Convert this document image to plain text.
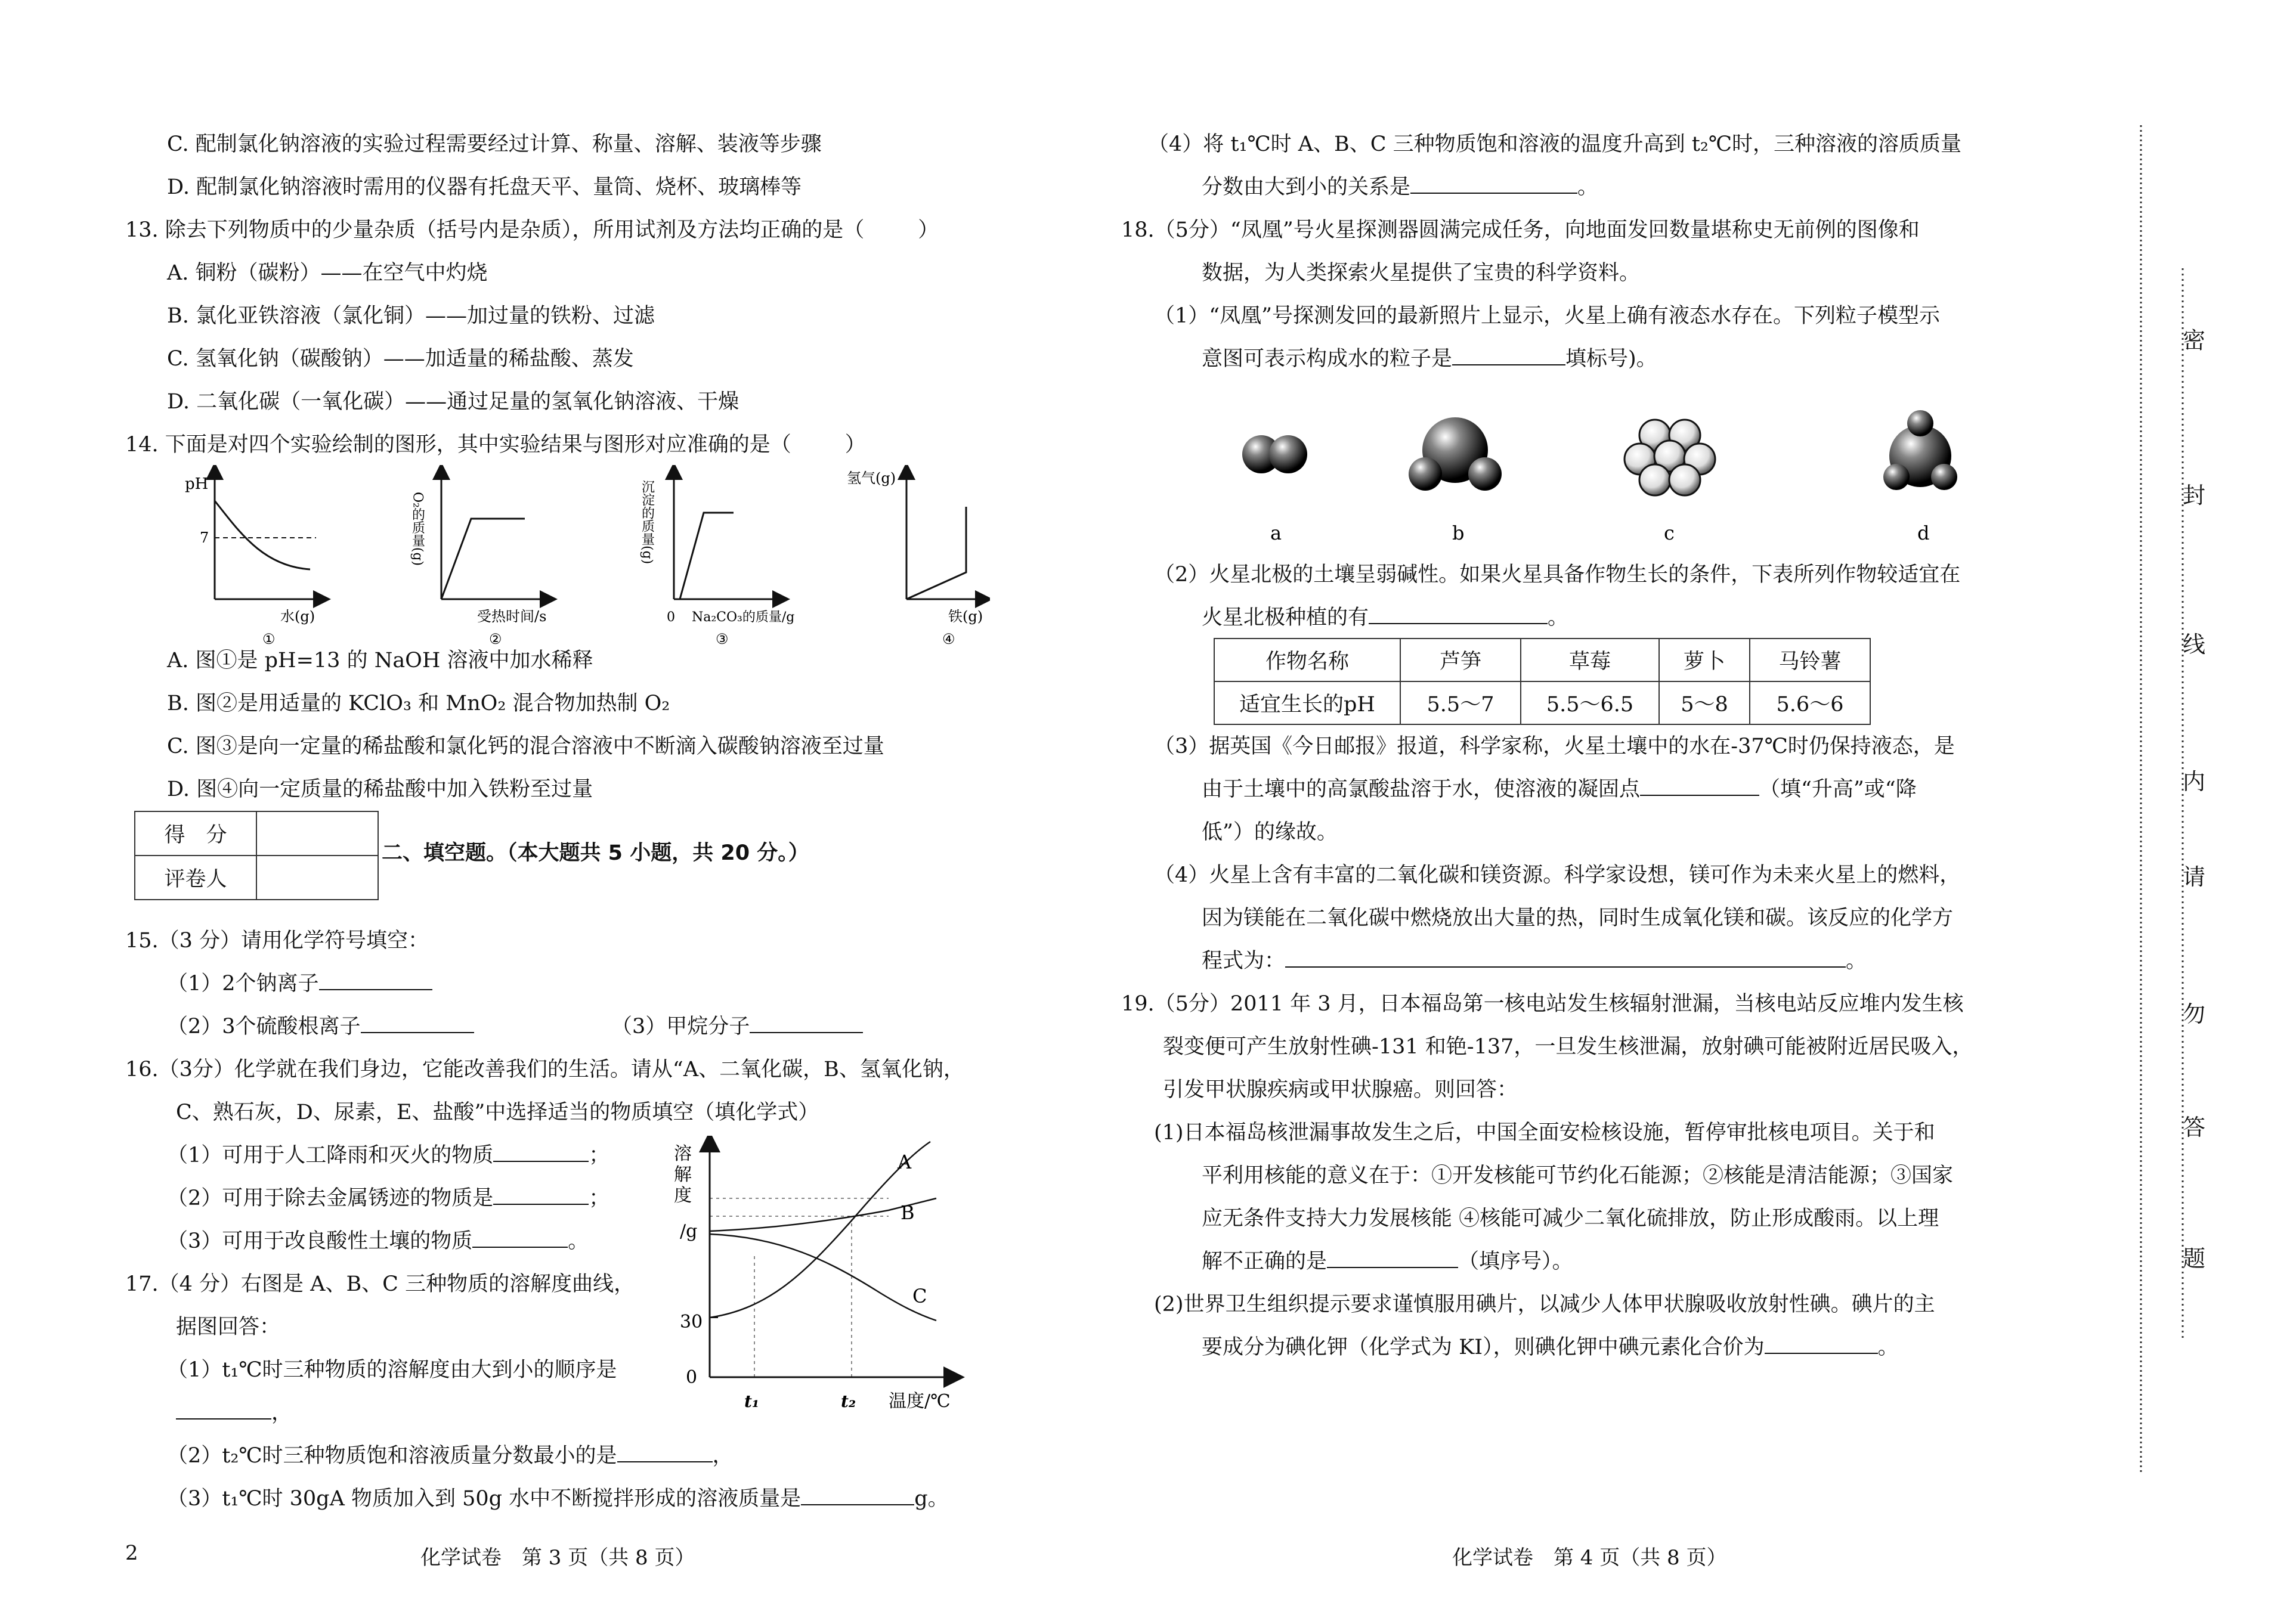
C. 配制氯化钠溶液的实验过程需要经过计算、称量、溶解、装液等步骤
D. 配制氯化钠溶液时需用的仪器有托盘天平、量筒、烧杯、玻璃棒等
13. 除去下列物质中的少量杂质（括号内是杂质），所用试剂及方法均正确的是（	）
A. 铜粉（碳粉）——在空气中灼烧
B. 氯化亚铁溶液（氯化铜）——加过量的铁粉、过滤
C. 氢氧化钠（碳酸钠）——加适量的稀盐酸、蒸发
D. 二氧化碳（一氧化碳）——通过足量的氢氧化钠溶液、干燥
14. 下面是对四个实验绘制的图形，其中实验结果与图形对应准确的是（	）
pH
7
水(g)
①
O₂的质量(g)
受热时间/s
②
沉淀的质量(g)
0 Na₂CO₃的质量/g
③
氢气(g)
铁(g)
④
A. 图①是 pH=13 的 NaOH 溶液中加水稀释
B. 图②是用适量的 KClO₃ 和 MnO₂ 混合物加热制 O₂
C. 图③是向一定量的稀盐酸和氯化钙的混合溶液中不断滴入碳酸钠溶液至过量
D. 图④向一定质量的稀盐酸中加入铁粉至过量
得　分	
评卷人	
二、填空题。（本大题共 5 小题，共 20 分。）
15.（3 分）请用化学符号填空：
（1）2个钠离子
（2）3个硫酸根离子	（3）甲烷分子
16.（3分）化学就在我们身边，它能改善我们的生活。请从“A、二氧化碳，B、氢氧化钠，
C、熟石灰，D、尿素，E、盐酸”中选择适当的物质填空（填化学式）
（1）可用于人工降雨和灭火的物质	；
（2）可用于除去金属锈迹的物质是	；
（3）可用于改良酸性土壤的物质	。
溶
解
度
/g
30
0
A
B
C
t₁	t₂ 温度/℃
17.（4 分）右图是 A、B、C 三种物质的溶解度曲线，
据图回答：
（1）t₁℃时三种物质的溶解度由大到小的顺序是
，
（2）t₂℃时三种物质饱和溶液质量分数最小的是	，
（3）t₁℃时 30gA 物质加入到 50g 水中不断搅拌形成的溶液质量是	g。
2	化学试卷　第 3 页（共 8 页）
（4）将 t₁℃时 A、B、C 三种物质饱和溶液的温度升高到 t₂℃时，三种溶液的溶质质量
分数由大到小的关系是	。
18.（5分）“凤凰”号火星探测器圆满完成任务，向地面发回数量堪称史无前例的图像和
数据，为人类探索火星提供了宝贵的科学资料。
（1）“凤凰”号探测发回的最新照片上显示，火星上确有液态水存在。下列粒子模型示
意图可表示构成水的粒子是	填标号)。
a	b	c	d
（2）火星北极的土壤呈弱碱性。如果火星具备作物生长的条件，下表所列作物较适宜在
火星北极种植的有	。
作物名称	芦笋	草莓	萝卜	马铃薯
适宜生长的pH	5.5～7	5.5～6.5	5～8	5.6～6
（3）据英国《今日邮报》报道，科学家称，火星土壤中的水在-37℃时仍保持液态，是
由于土壤中的高氯酸盐溶于水，使溶液的凝固点	（填“升高”或“降
低”）的缘故。
（4）火星上含有丰富的二氧化碳和镁资源。科学家设想，镁可作为未来火星上的燃料，
因为镁能在二氧化碳中燃烧放出大量的热，同时生成氧化镁和碳。该反应的化学方
程式为：	。
19.（5分）2011 年 3 月，日本福岛第一核电站发生核辐射泄漏，当核电站反应堆内发生核
裂变便可产生放射性碘-131 和铯-137，一旦发生核泄漏，放射碘可能被附近居民吸入，
引发甲状腺疾病或甲状腺癌。则回答：
(1)日本福岛核泄漏事故发生之后，中国全面安检核设施，暂停审批核电项目。关于和
平利用核能的意义在于：①开发核能可节约化石能源；②核能是清洁能源；③国家
应无条件支持大力发展核能 ④核能可减少二氧化硫排放，防止形成酸雨。以上理
解不正确的是	（填序号）。
(2)世界卫生组织提示要求谨慎服用碘片，以减少人体甲状腺吸收放射性碘。碘片的主
要成分为碘化钾（化学式为 KI），则碘化钾中碘元素化合价为	。
化学试卷　第 4 页（共 8 页）
密
封
线
内
请
勿
答
题
